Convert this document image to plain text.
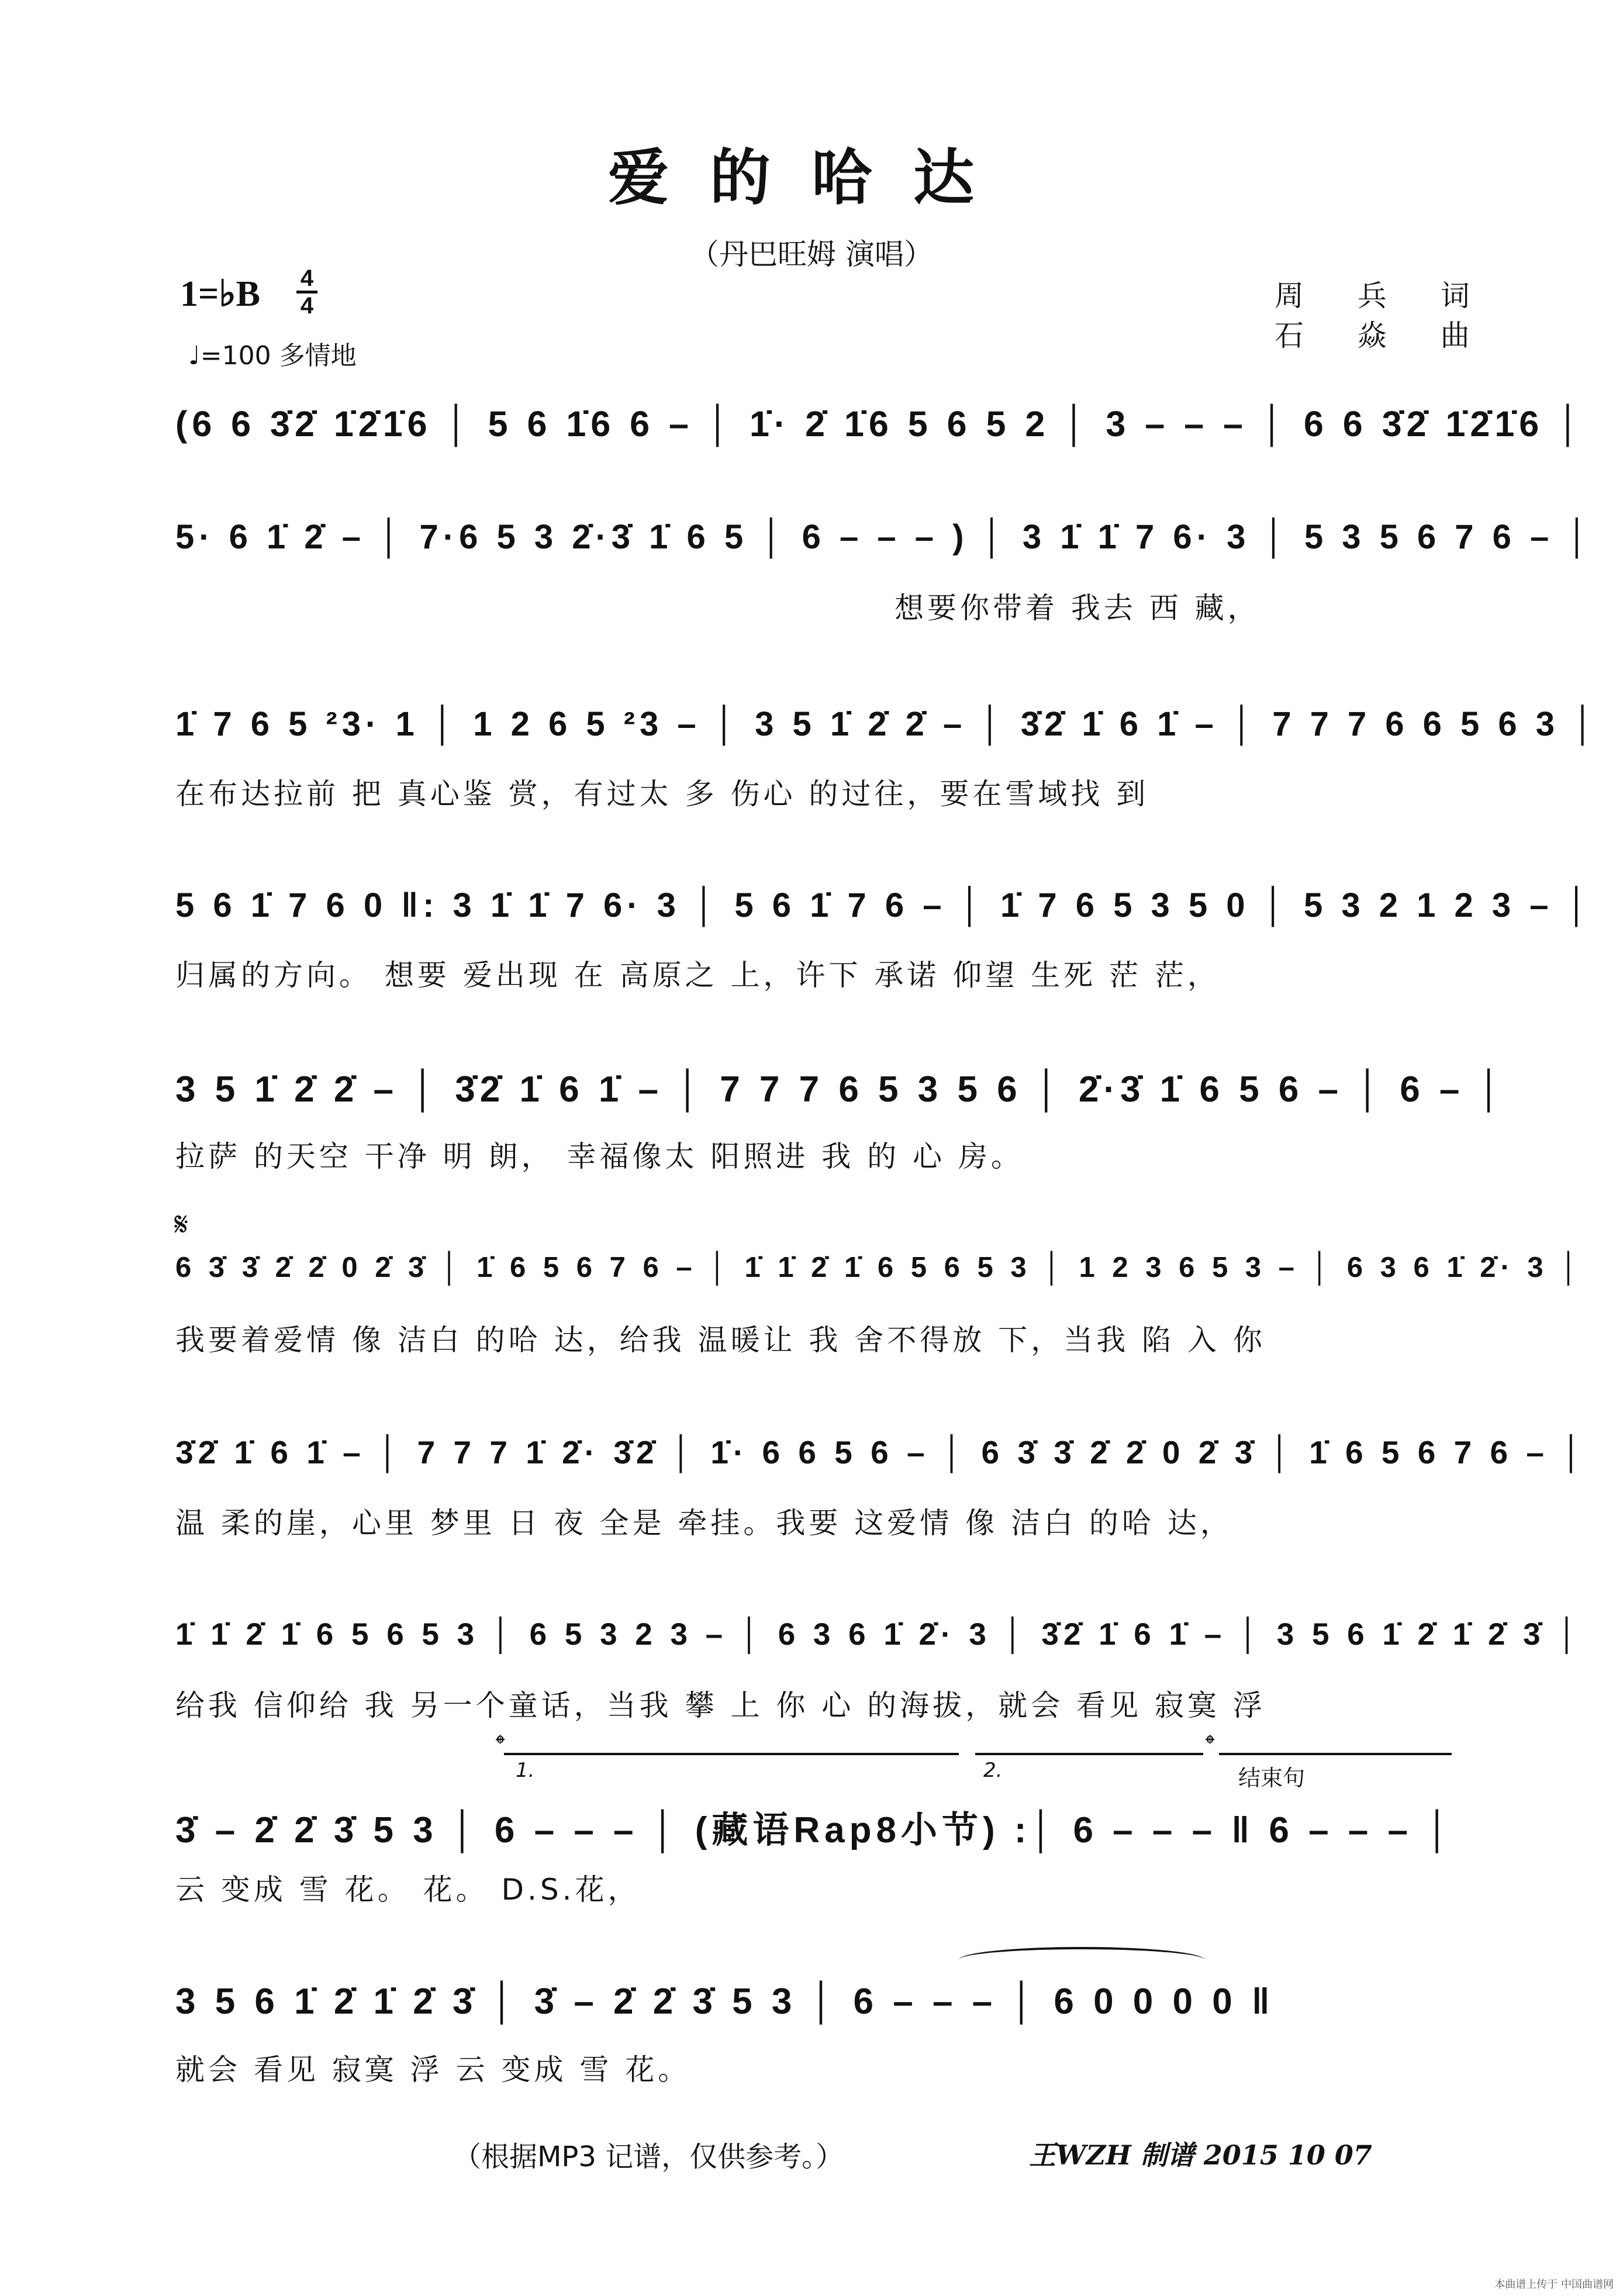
爱的哈达
（丹巴旺姆 演唱）
1=♭B 4
4
♩=100 多情地
周 兵 词
石 焱 曲
(6 6 3̇2̇ 1̇2̇1̇6 │ 5 6 1̇6 6 – │ 1̇· 2̇ 1̇6 5 6 5 2 │ 3 – – – │ 6 6 3̇2̇ 1̇2̇1̇6 │
5· 6 1̇ 2̇ – │ 7·6 5 3 2̇·3̇ 1̇ 6 5 │ 6 – – – ) │ 3 1̇ 1̇ 7 6· 3 │ 5 3 5 6 7 6 – │
想要你带着 我去 西 藏，
1̇ 7 6 5 ²3· 1 │ 1 2 6 5 ²3 – │ 3 5 1̇ 2̇ 2̇ – │ 3̇2̇ 1̇ 6 1̇ – │ 7 7 7 6 6 5 6 3 │
在布达拉前 把 真心鉴 赏，有过太 多 伤心 的过往，要在雪域找 到
5 6 1̇ 7 6 0 ‖: 3 1̇ 1̇ 7 6· 3 │ 5 6 1̇ 7 6 – │ 1̇ 7 6 5 3 5 0 │ 5 3 2 1 2 3 – │
归属的方向。 想要 爱出现 在 高原之 上，许下 承诺 仰望 生死 茫 茫，
3 5 1̇ 2̇ 2̇ – │ 3̇2̇ 1̇ 6 1̇ – │ 7 7 7 6 5 3 5 6 │ 2̇·3̇ 1̇ 6 5 6 – │ 6 – │
拉萨 的天空 干净 明 朗， 幸福像太 阳照进 我 的 心 房。
𝄋
6 3̇ 3̇ 2̇ 2̇ 0 2̇ 3̇ │ 1̇ 6 5 6 7 6 – │ 1̇ 1̇ 2̇ 1̇ 6 5 6 5 3 │ 1 2 3 6 5 3 – │ 6 3 6 1̇ 2̇· 3 │
我要着爱情 像 洁白 的哈 达，给我 温暖让 我 舍不得放 下，当我 陷 入 你
3̇2̇ 1̇ 6 1̇ – │ 7 7 7 1̇ 2̇· 3̇2̇ │ 1̇· 6 6 5 6 – │ 6 3̇ 3̇ 2̇ 2̇ 0 2̇ 3̇ │ 1̇ 6 5 6 7 6 – │
温 柔的崖，心里 梦里 日 夜 全是 牵挂。我要 这爱情 像 洁白 的哈 达，
1̇ 1̇ 2̇ 1̇ 6 5 6 5 3 │ 6 5 3 2 3 – │ 6 3 6 1̇ 2̇· 3 │ 3̇2̇ 1̇ 6 1̇ – │ 3 5 6 1̇ 2̇ 1̇ 2̇ 3̇ │
给我 信仰给 我 另一个童话，当我 攀 上 你 心 的海拔，就会 看见 寂寞 浮
𝄌	𝄌
1.	2.	结束句
3̇ – 2̇ 2̇ 3̇ 5 3 │ 6 – – – │ (藏语Rap8小节) :│ 6 – – – ‖ 6 – – – │
云 变成 雪 花。 花。 D.S.花，
3 5 6 1̇ 2̇ 1̇ 2̇ 3̇ │ 3̇ – 2̇ 2̇ 3̇ 5 3 │ 6 – – – │ 6 0 0 0 0 ‖
就会 看见 寂寞 浮 云 变成 雪 花。
（根据MP3 记谱，仅供参考。）	王WZH 制谱 2015 10 07
本曲谱上传于 中国曲谱网
